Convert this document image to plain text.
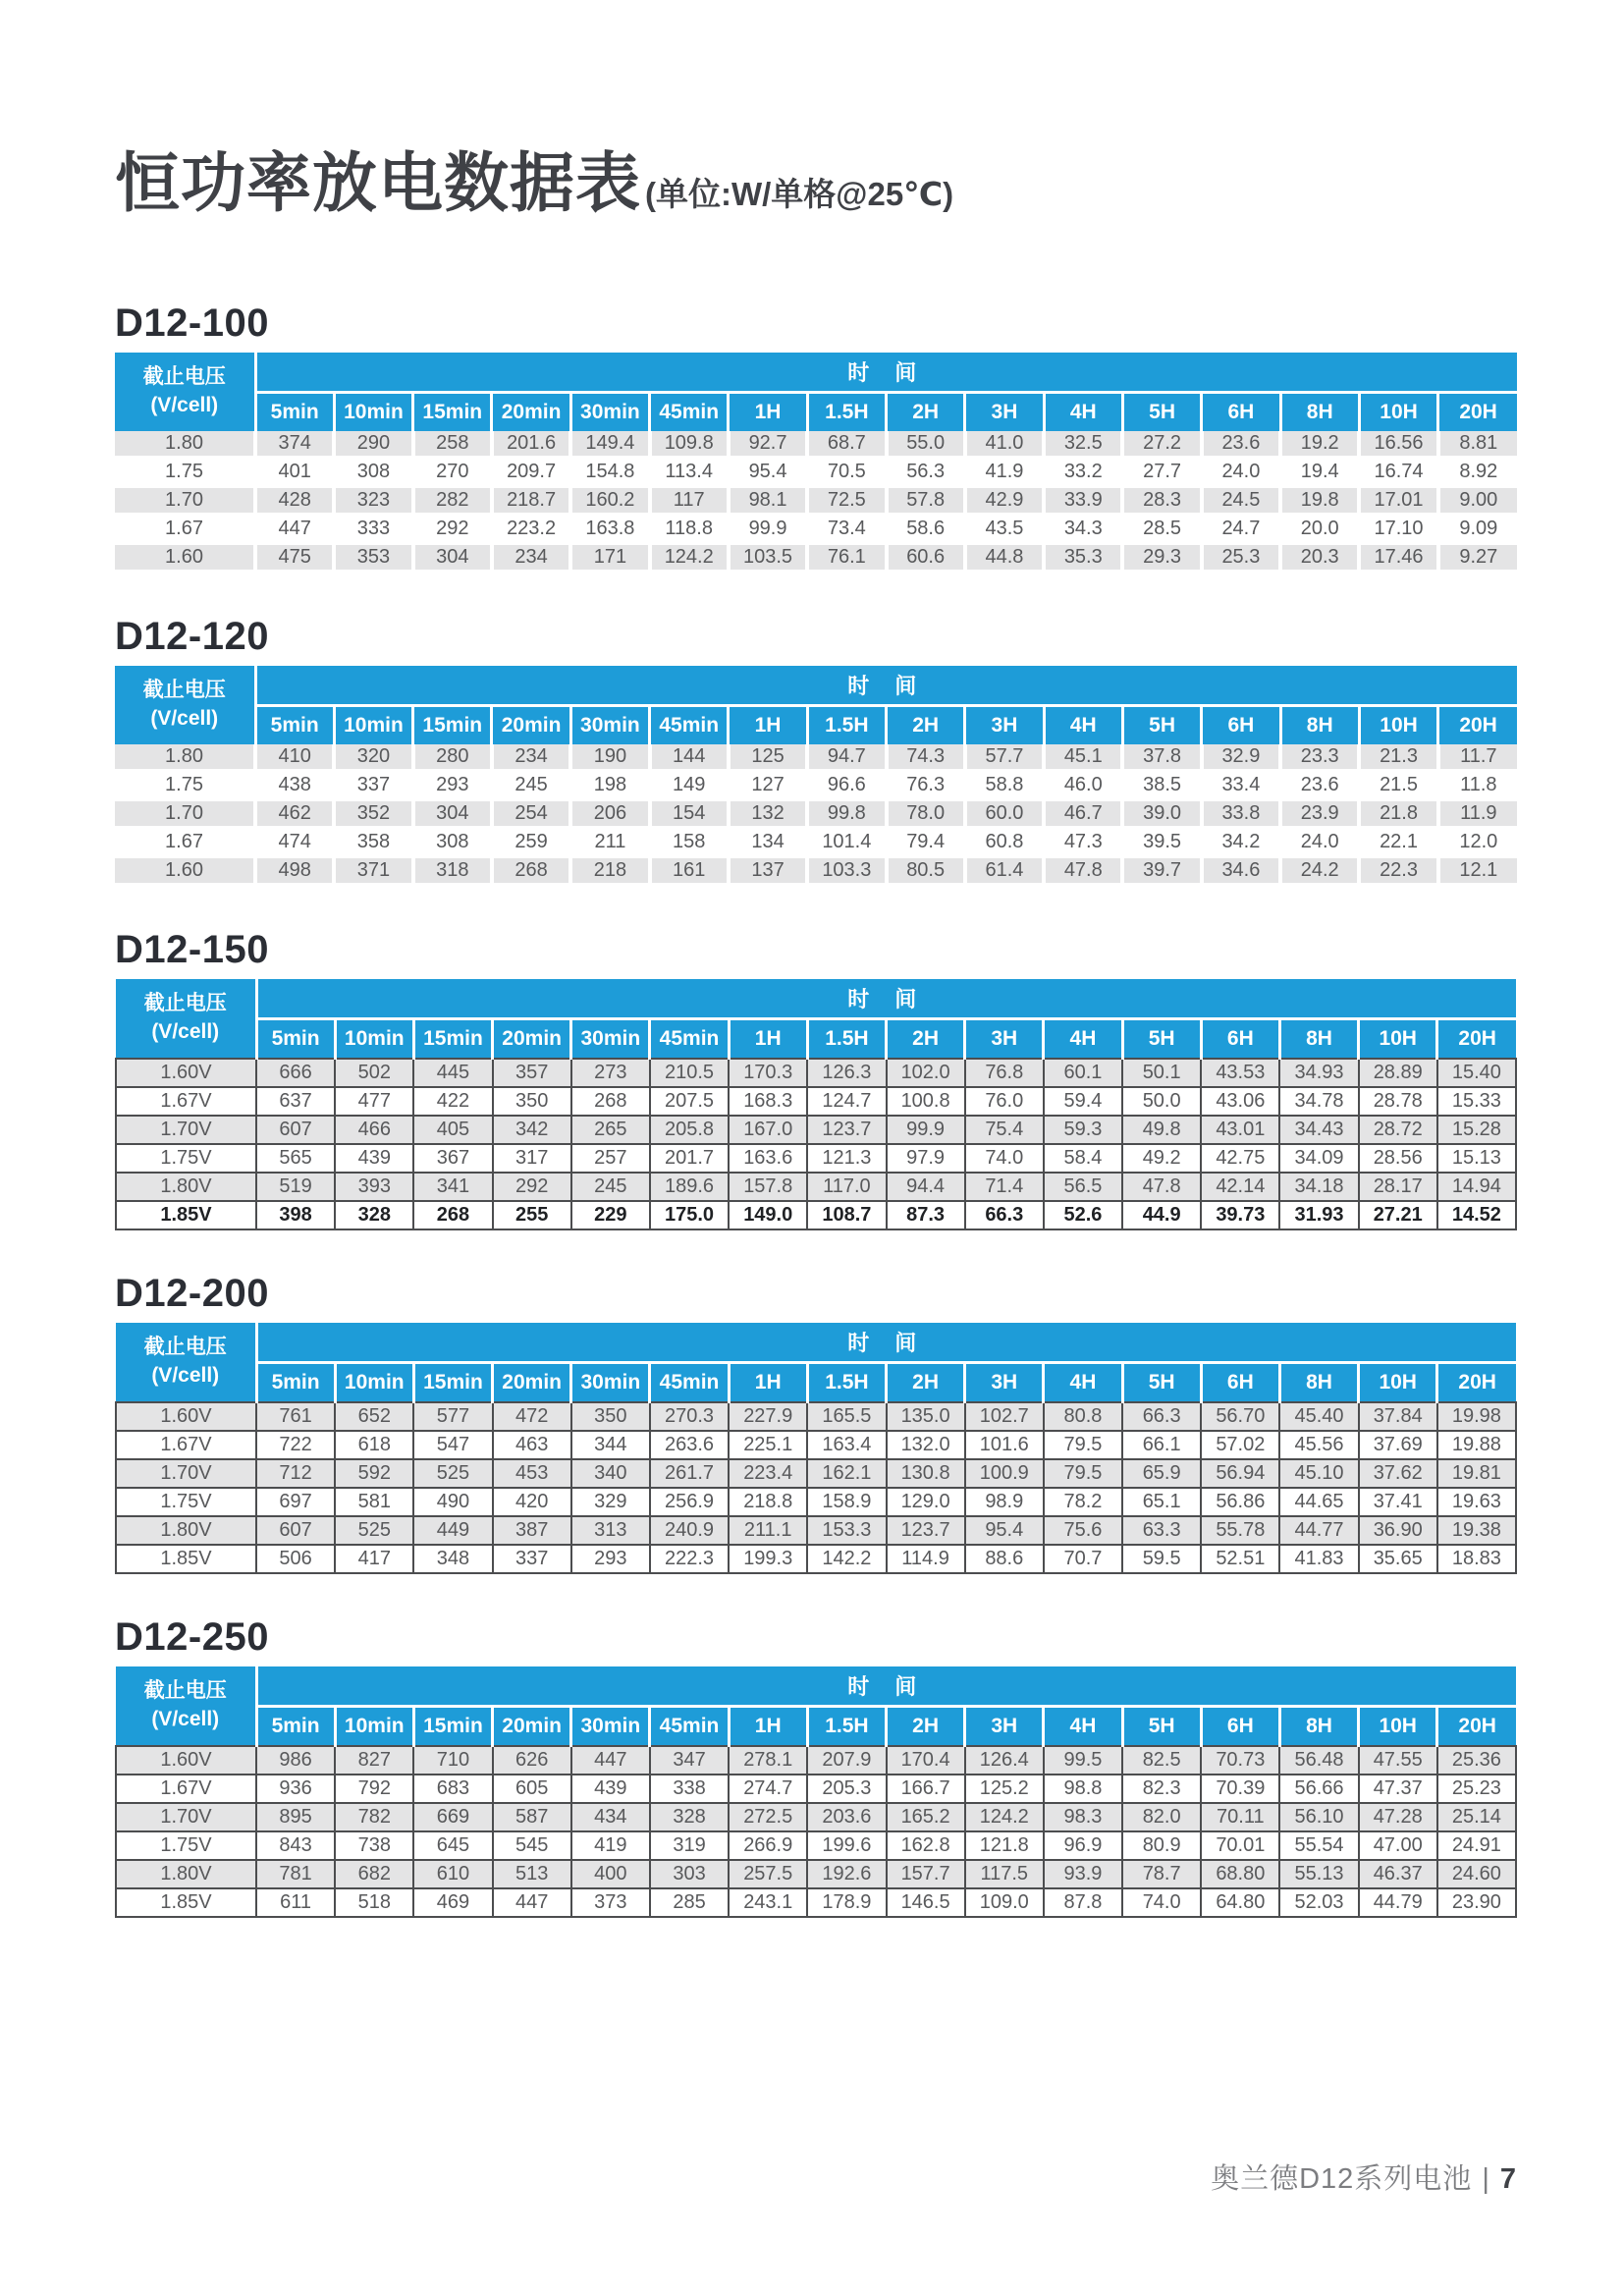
恒功率放电数据表 (单位:W/单格@25℃)
D12-100
截止电压
(V/cell)	时 间															
	5min	10min	15min	20min	30min	45min	1H	1.5H	2H	3H	4H	5H	6H	8H	10H	20H
1.80	374	290	258	201.6	149.4	109.8	92.7	68.7	55.0	41.0	32.5	27.2	23.6	19.2	16.56	8.81
1.75	401	308	270	209.7	154.8	113.4	95.4	70.5	56.3	41.9	33.2	27.7	24.0	19.4	16.74	8.92
1.70	428	323	282	218.7	160.2	117	98.1	72.5	57.8	42.9	33.9	28.3	24.5	19.8	17.01	9.00
1.67	447	333	292	223.2	163.8	118.8	99.9	73.4	58.6	43.5	34.3	28.5	24.7	20.0	17.10	9.09
1.60	475	353	304	234	171	124.2	103.5	76.1	60.6	44.8	35.3	29.3	25.3	20.3	17.46	9.27
D12-120
截止电压
(V/cell)	时 间															
	5min	10min	15min	20min	30min	45min	1H	1.5H	2H	3H	4H	5H	6H	8H	10H	20H
1.80	410	320	280	234	190	144	125	94.7	74.3	57.7	45.1	37.8	32.9	23.3	21.3	11.7
1.75	438	337	293	245	198	149	127	96.6	76.3	58.8	46.0	38.5	33.4	23.6	21.5	11.8
1.70	462	352	304	254	206	154	132	99.8	78.0	60.0	46.7	39.0	33.8	23.9	21.8	11.9
1.67	474	358	308	259	211	158	134	101.4	79.4	60.8	47.3	39.5	34.2	24.0	22.1	12.0
1.60	498	371	318	268	218	161	137	103.3	80.5	61.4	47.8	39.7	34.6	24.2	22.3	12.1
D12-150
截止电压
(V/cell)	时 间															
	5min	10min	15min	20min	30min	45min	1H	1.5H	2H	3H	4H	5H	6H	8H	10H	20H
1.60V	666	502	445	357	273	210.5	170.3	126.3	102.0	76.8	60.1	50.1	43.53	34.93	28.89	15.40
1.67V	637	477	422	350	268	207.5	168.3	124.7	100.8	76.0	59.4	50.0	43.06	34.78	28.78	15.33
1.70V	607	466	405	342	265	205.8	167.0	123.7	99.9	75.4	59.3	49.8	43.01	34.43	28.72	15.28
1.75V	565	439	367	317	257	201.7	163.6	121.3	97.9	74.0	58.4	49.2	42.75	34.09	28.56	15.13
1.80V	519	393	341	292	245	189.6	157.8	117.0	94.4	71.4	56.5	47.8	42.14	34.18	28.17	14.94
1.85V	398	328	268	255	229	175.0	149.0	108.7	87.3	66.3	52.6	44.9	39.73	31.93	27.21	14.52
D12-200
截止电压
(V/cell)	时 间															
	5min	10min	15min	20min	30min	45min	1H	1.5H	2H	3H	4H	5H	6H	8H	10H	20H
1.60V	761	652	577	472	350	270.3	227.9	165.5	135.0	102.7	80.8	66.3	56.70	45.40	37.84	19.98
1.67V	722	618	547	463	344	263.6	225.1	163.4	132.0	101.6	79.5	66.1	57.02	45.56	37.69	19.88
1.70V	712	592	525	453	340	261.7	223.4	162.1	130.8	100.9	79.5	65.9	56.94	45.10	37.62	19.81
1.75V	697	581	490	420	329	256.9	218.8	158.9	129.0	98.9	78.2	65.1	56.86	44.65	37.41	19.63
1.80V	607	525	449	387	313	240.9	211.1	153.3	123.7	95.4	75.6	63.3	55.78	44.77	36.90	19.38
1.85V	506	417	348	337	293	222.3	199.3	142.2	114.9	88.6	70.7	59.5	52.51	41.83	35.65	18.83
D12-250
截止电压
(V/cell)	时 间															
	5min	10min	15min	20min	30min	45min	1H	1.5H	2H	3H	4H	5H	6H	8H	10H	20H
1.60V	986	827	710	626	447	347	278.1	207.9	170.4	126.4	99.5	82.5	70.73	56.48	47.55	25.36
1.67V	936	792	683	605	439	338	274.7	205.3	166.7	125.2	98.8	82.3	70.39	56.66	47.37	25.23
1.70V	895	782	669	587	434	328	272.5	203.6	165.2	124.2	98.3	82.0	70.11	56.10	47.28	25.14
1.75V	843	738	645	545	419	319	266.9	199.6	162.8	121.8	96.9	80.9	70.01	55.54	47.00	24.91
1.80V	781	682	610	513	400	303	257.5	192.6	157.7	117.5	93.9	78.7	68.80	55.13	46.37	24.60
1.85V	611	518	469	447	373	285	243.1	178.9	146.5	109.0	87.8	74.0	64.80	52.03	44.79	23.90
奥兰德D12系列电池 | 7
